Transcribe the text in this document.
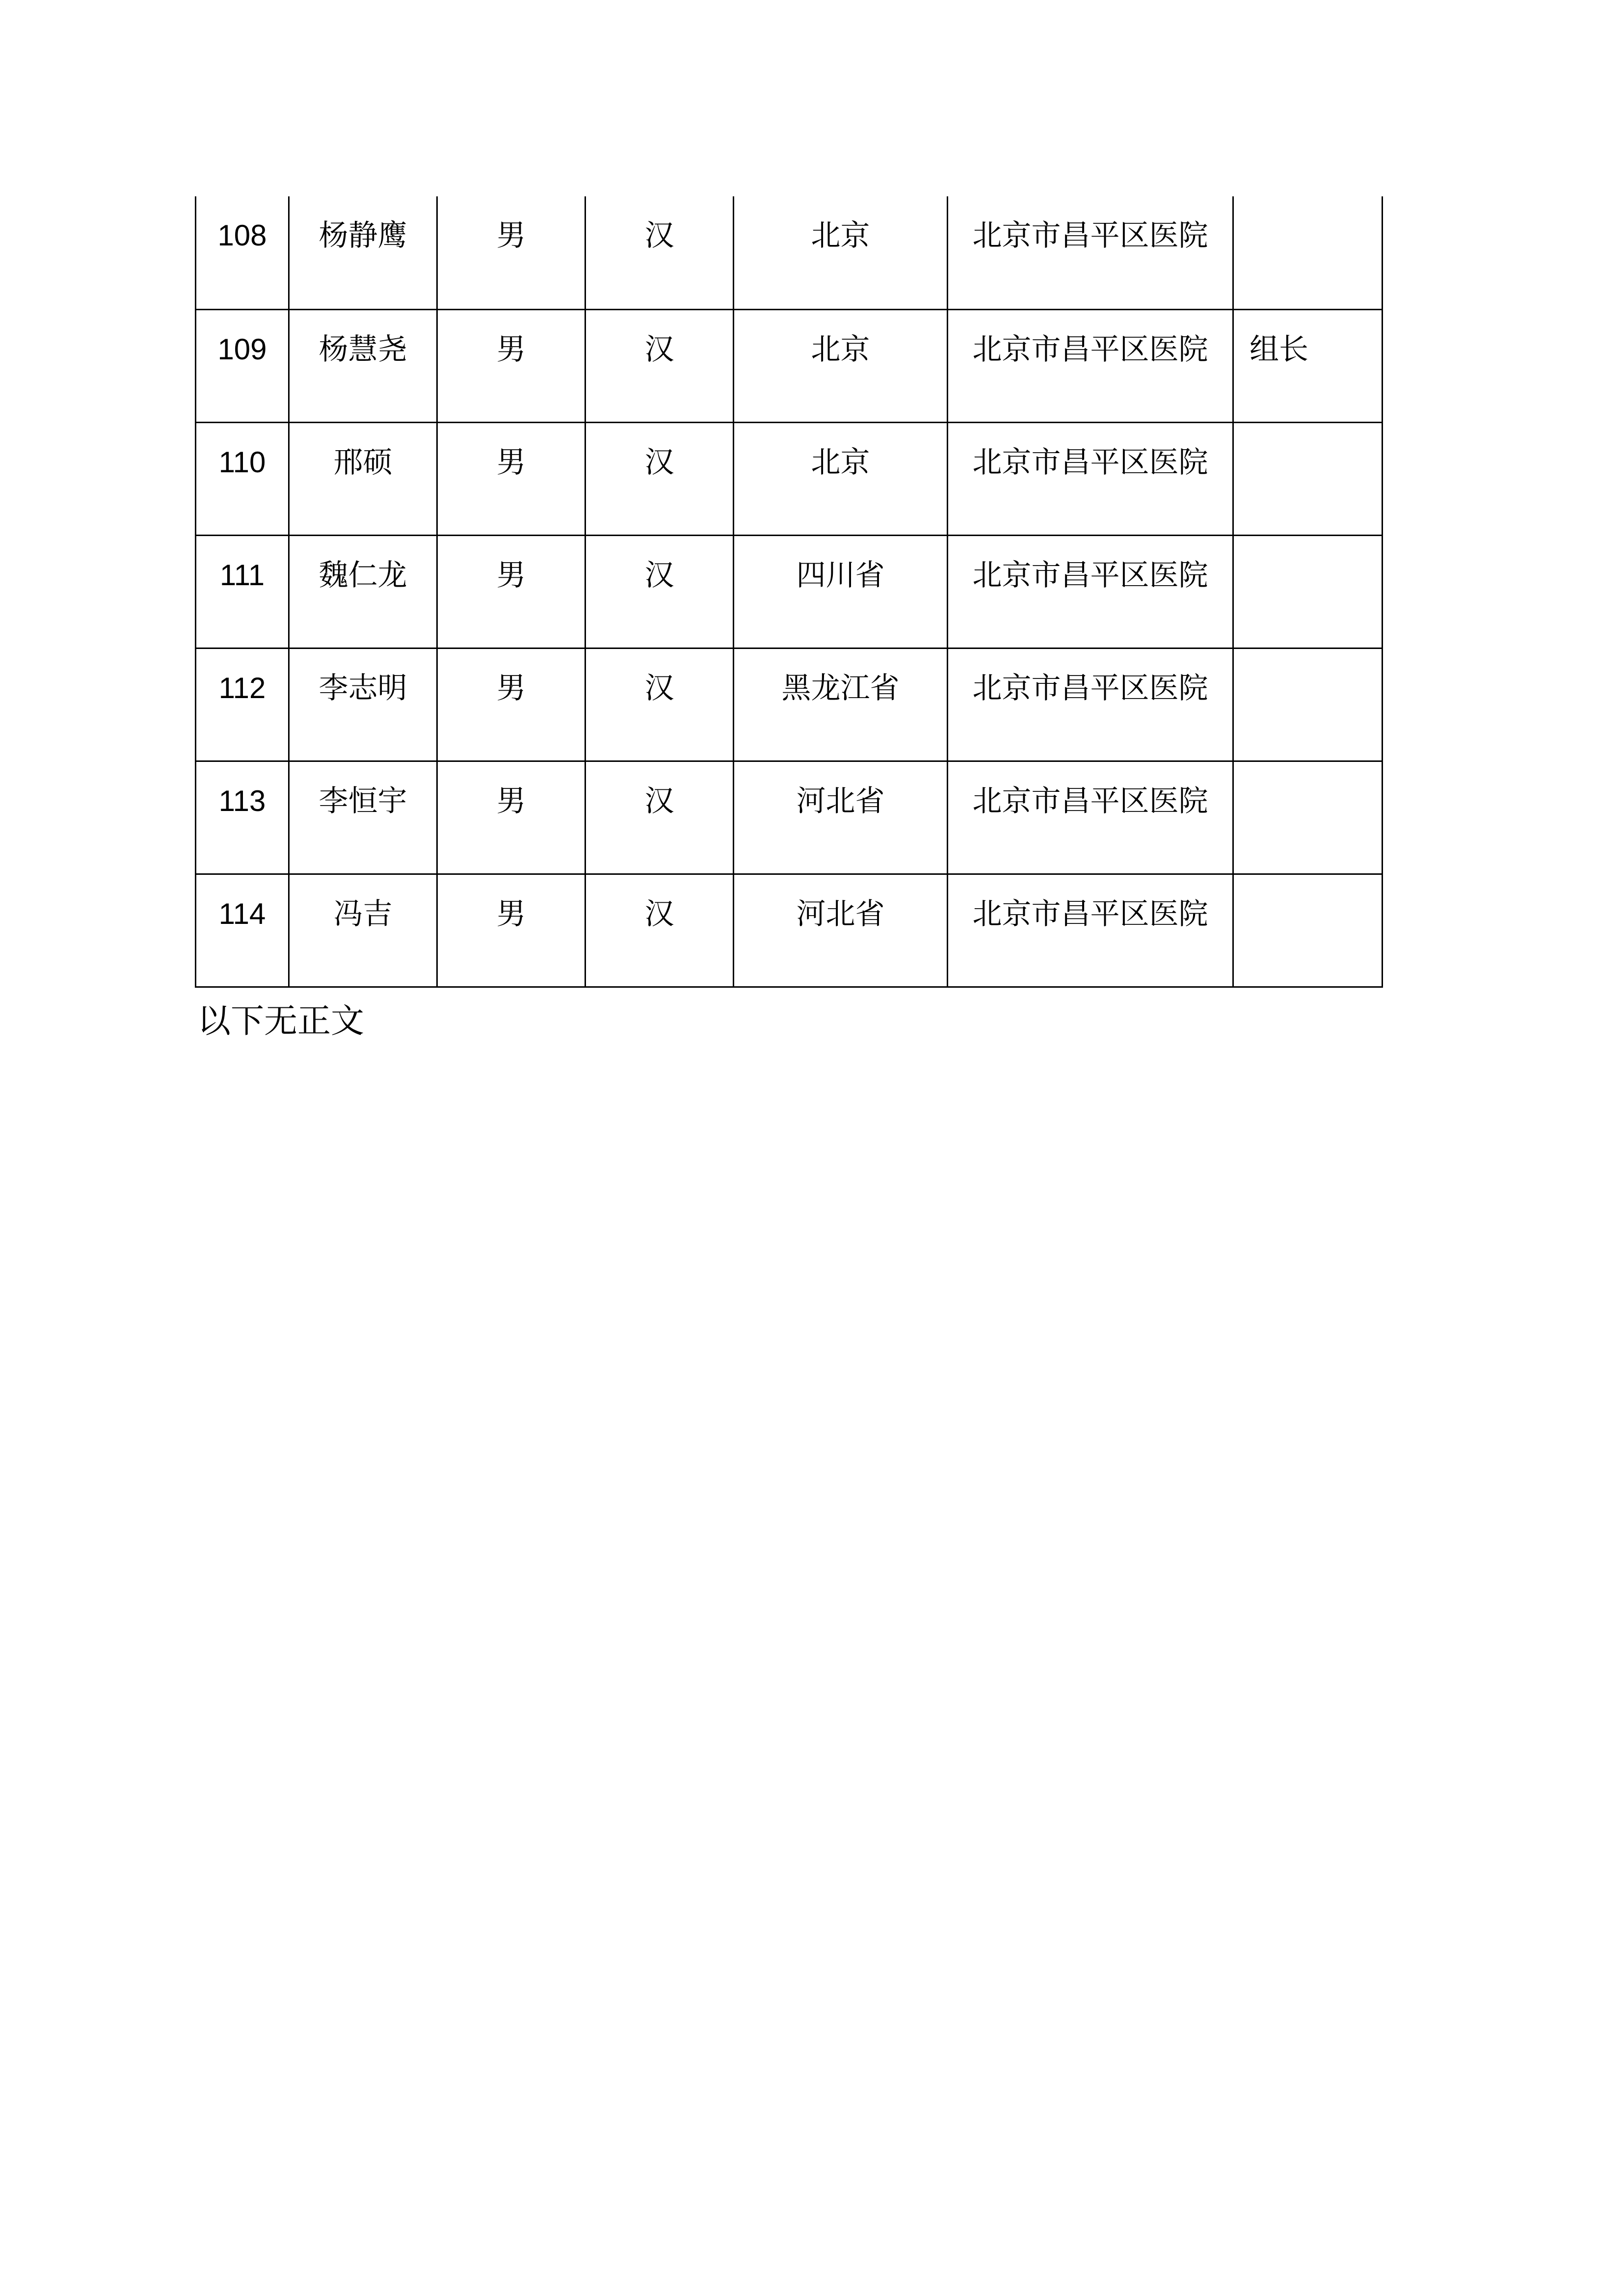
108	杨静鹰	男	汉	北京	北京市昌平区医院	
109	杨慧尧	男	汉	北京	北京市昌平区医院	组长
110	邢硕	男	汉	北京	北京市昌平区医院	
111	魏仁龙	男	汉	四川省	北京市昌平区医院	
112	李志明	男	汉	黑龙江省	北京市昌平区医院	
113	李恒宇	男	汉	河北省	北京市昌平区医院	
114	冯吉	男	汉	河北省	北京市昌平区医院	
以下无正文
